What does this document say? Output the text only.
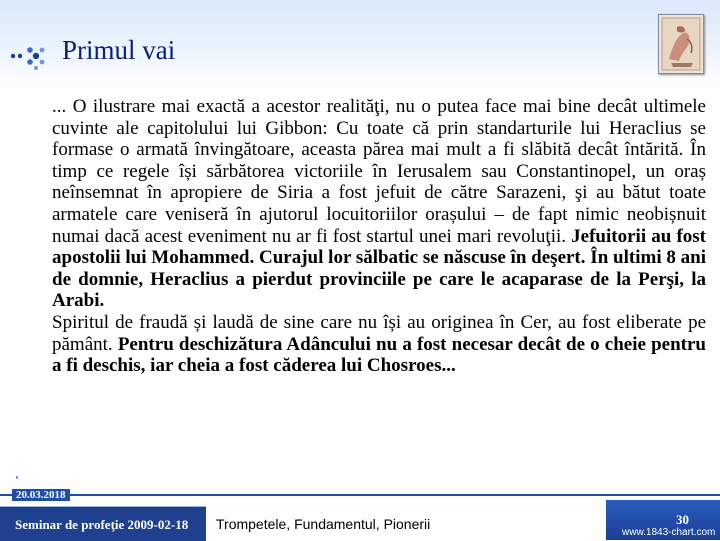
Primul vai

... O ilustrare mai exactă a acestor realităţi, nu o putea face mai bine decât ultimele cuvinte ale capitolului lui Gibbon: Cu toate că prin standarturile lui Heraclius se formase o armată învingătoare, aceasta părea mai mult a fi slăbită decât întărită. În timp ce regele își sărbătorea victoriile în Ierusalem sau Constantinopel, un oraș neînsemnat în apropiere de Siria a fost jefuit de către Sarazeni, şi au bătut toate armatele care veniseră în ajutorul locuitoriilor orașului – de fapt nimic neobișnuit numai dacă acest eveniment nu ar fi fost startul unei mari revoluţii. Jefuitorii au fost apostolii lui Mohammed. Curajul lor sălbatic se născuse în deşert. În ultimi 8 ani de domnie, Heraclius a pierdut provinciile pe care le acaparase de la Perşi, la Arabi.

Spiritul de fraudă și laudă de sine care nu își au originea în Cer, au fost eliberate pe pământ. Pentru deschizătura Adâncului nu a fost necesar decât de o cheie pentru a fi deschis, iar cheia a fost căderea lui Chosroes...

20.03.2018
Seminar de profeţie 2009-02-18 Trompetele, Fundamentul, Pionerii	30
www.1843-chart.com
